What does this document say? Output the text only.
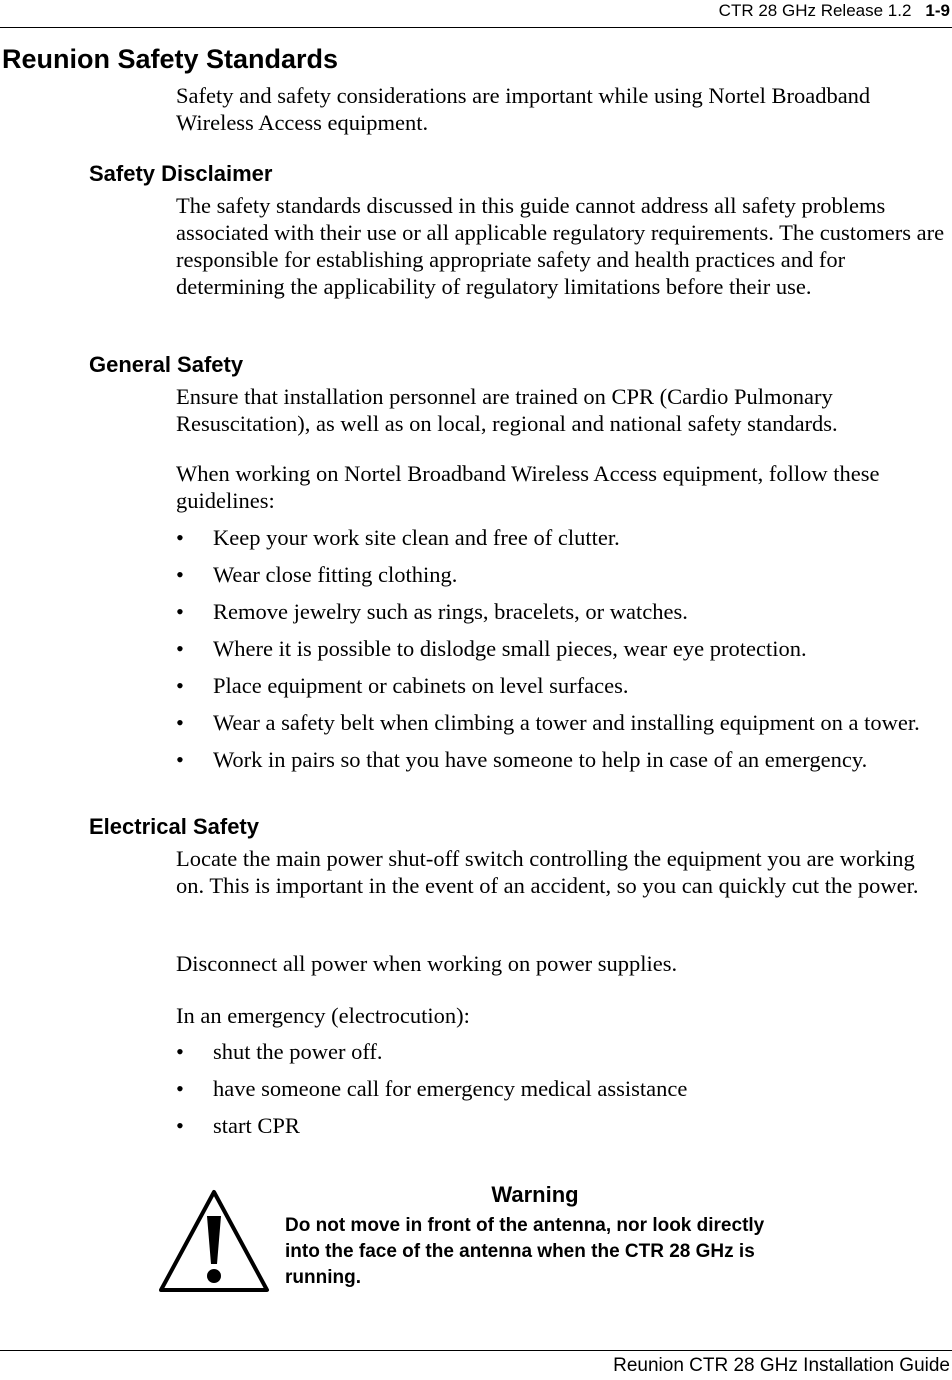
CTR 28 GHz Release 1.2 1-9
Reunion Safety Standards

Safety and safety considerations are important while using Nortel Broadband Wireless Access equipment.

Safety Disclaimer

The safety standards discussed in this guide cannot address all safety problems associated with their use or all applicable regulatory requirements. The customers are responsible for establishing appropriate safety and health practices and for determining the applicability of regulatory limitations before their use.

General Safety

Ensure that installation personnel are trained on CPR (Cardio Pulmonary Resuscitation), as well as on local, regional and national safety standards.

When working on Nortel Broadband Wireless Access equipment, follow these guidelines:

• Keep your work site clean and free of clutter.
• Wear close fitting clothing.
• Remove jewelry such as rings, bracelets, or watches.
• Where it is possible to dislodge small pieces, wear eye protection.
• Place equipment or cabinets on level surfaces.
• Wear a safety belt when climbing a tower and installing equipment on a tower.
• Work in pairs so that you have someone to help in case of an emergency.
Electrical Safety

Locate the main power shut-off switch controlling the equipment you are working on. This is important in the event of an accident, so you can quickly cut the power.

Disconnect all power when working on power supplies.

In an emergency (electrocution):

• shut the power off.
• have someone call for emergency medical assistance
• start CPR
Warning

Do not move in front of the antenna, nor look directly into the face of the antenna when the CTR 28 GHz is running.

Reunion CTR 28 GHz Installation Guide
